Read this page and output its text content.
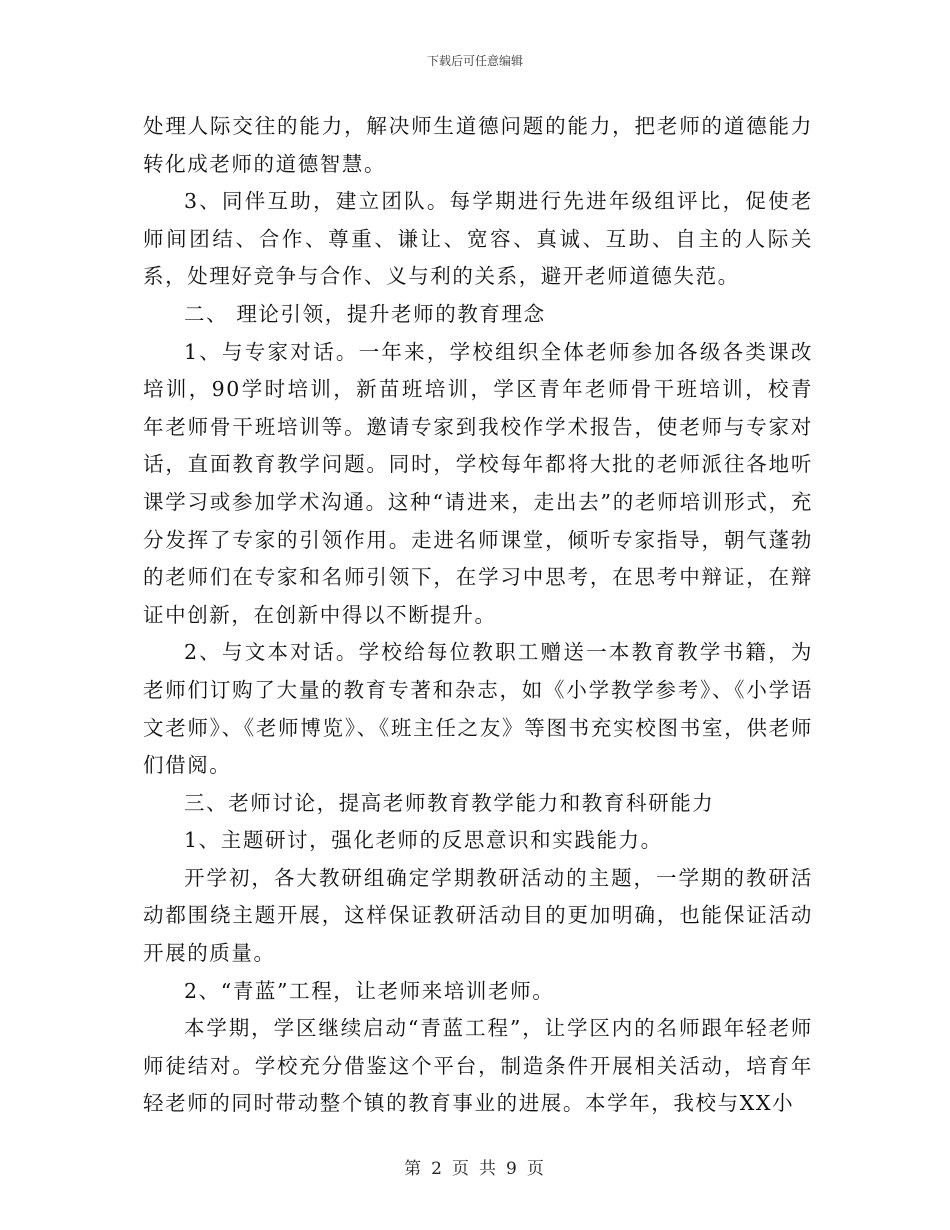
下载后可任意编辑

处理人际交往的能力，解决师生道德问题的能力，把老师的道德能力转化成老师的道德智慧。

3、同伴互助，建立团队。每学期进行先进年级组评比，促使老师间团结、合作、尊重、谦让、宽容、真诚、互助、自主的人际关系，处理好竞争与合作、义与利的关系，避开老师道德失范。

二、 理论引领，提升老师的教育理念

1、与专家对话。一年来，学校组织全体老师参加各级各类课改培训，90学时培训，新苗班培训，学区青年老师骨干班培训，校青年老师骨干班培训等。邀请专家到我校作学术报告，使老师与专家对话，直面教育教学问题。同时，学校每年都将大批的老师派往各地听课学习或参加学术沟通。这种“请进来，走出去”的老师培训形式，充分发挥了专家的引领作用。走进名师课堂，倾听专家指导，朝气蓬勃的老师们在专家和名师引领下，在学习中思考，在思考中辩证，在辩证中创新，在创新中得以不断提升。

2、与文本对话。学校给每位教职工赠送一本教育教学书籍，为老师们订购了大量的教育专著和杂志，如《小学教学参考》、《小学语文老师》、《老师博览》、《班主任之友》等图书充实校图书室，供老师们借阅。

三、老师讨论，提高老师教育教学能力和教育科研能力

1、主题研讨，强化老师的反思意识和实践能力。

开学初，各大教研组确定学期教研活动的主题，一学期的教研活动都围绕主题开展，这样保证教研活动目的更加明确，也能保证活动开展的质量。

2、“青蓝”工程，让老师来培训老师。

本学期，学区继续启动“青蓝工程”，让学区内的名师跟年轻老师师徒结对。学校充分借鉴这个平台，制造条件开展相关活动，培育年轻老师的同时带动整个镇的教育事业的进展。本学年，我校与XX小

第 2 页 共 9 页
